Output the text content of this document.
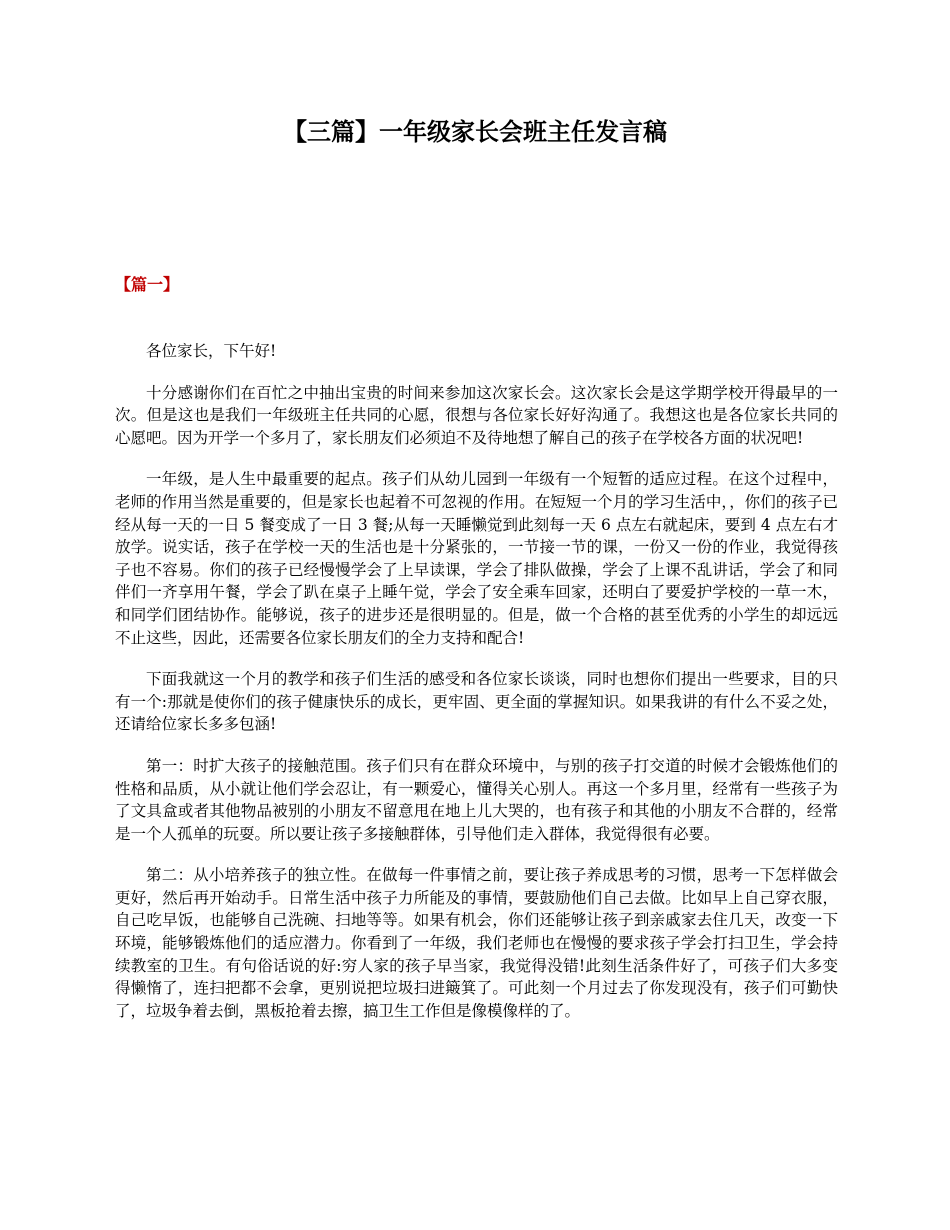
【三篇】一年级家长会班主任发言稿
【篇一】

各位家长，下午好!

十分感谢你们在百忙之中抽出宝贵的时间来参加这次家长会。这次家长会是这学期学校开得最早的一次。但是这也是我们一年级班主任共同的心愿，很想与各位家长好好沟通了。我想这也是各位家长共同的心愿吧。因为开学一个多月了，家长朋友们必须迫不及待地想了解自己的孩子在学校各方面的状况吧!

一年级，是人生中最重要的起点。孩子们从幼儿园到一年级有一个短暂的适应过程。在这个过程中，老师的作用当然是重要的，但是家长也起着不可忽视的作用。在短短一个月的学习生活中，，你们的孩子已经从每一天的一日 5 餐变成了一日 3 餐;从每一天睡懒觉到此刻每一天 6 点左右就起床，要到 4 点左右才放学。说实话，孩子在学校一天的生活也是十分紧张的，一节接一节的课，一份又一份的作业，我觉得孩子也不容易。你们的孩子已经慢慢学会了上早读课，学会了排队做操，学会了上课不乱讲话，学会了和同伴们一齐享用午餐，学会了趴在桌子上睡午觉，学会了安全乘车回家，还明白了要爱护学校的一草一木，和同学们团结协作。能够说，孩子的进步还是很明显的。但是，做一个合格的甚至优秀的小学生的却远远不止这些，因此，还需要各位家长朋友们的全力支持和配合!

下面我就这一个月的教学和孩子们生活的感受和各位家长谈谈，同时也想你们提出一些要求，目的只有一个:那就是使你们的孩子健康快乐的成长，更牢固、更全面的掌握知识。如果我讲的有什么不妥之处，还请给位家长多多包涵!

第一：时扩大孩子的接触范围。孩子们只有在群众环境中，与别的孩子打交道的时候才会锻炼他们的性格和品质，从小就让他们学会忍让，有一颗爱心，懂得关心别人。再这一个多月里，经常有一些孩子为了文具盒或者其他物品被别的小朋友不留意甩在地上儿大哭的，也有孩子和其他的小朋友不合群的，经常是一个人孤单的玩耍。所以要让孩子多接触群体，引导他们走入群体，我觉得很有必要。

第二：从小培养孩子的独立性。在做每一件事情之前，要让孩子养成思考的习惯，思考一下怎样做会更好，然后再开始动手。日常生活中孩子力所能及的事情，要鼓励他们自己去做。比如早上自己穿衣服，自己吃早饭，也能够自己洗碗、扫地等等。如果有机会，你们还能够让孩子到亲戚家去住几天，改变一下环境，能够锻炼他们的适应潜力。你看到了一年级，我们老师也在慢慢的要求孩子学会打扫卫生，学会持续教室的卫生。有句俗话说的好:穷人家的孩子早当家，我觉得没错!此刻生活条件好了，可孩子们大多变得懒惰了，连扫把都不会拿，更别说把垃圾扫进簸箕了。可此刻一个月过去了你发现没有，孩子们可勤快了，垃圾争着去倒，黑板抢着去擦，搞卫生工作但是像模像样的了。
